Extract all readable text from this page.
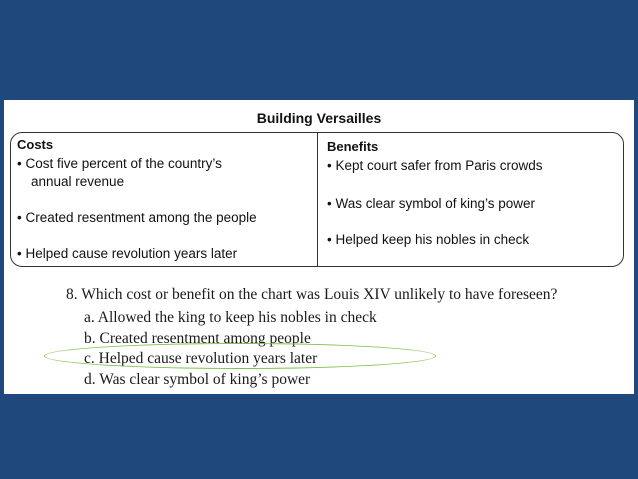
Building Versailles
Costs
• Cost five percent of the country’s
annual revenue
• Created resentment among the people
• Helped cause revolution years later
Benefits
• Kept court safer from Paris crowds
• Was clear symbol of king’s power
• Helped keep his nobles in check
8. Which cost or benefit on the chart was Louis XIV unlikely to have foreseen?
a. Allowed the king to keep his nobles in check
b. Created resentment among people
c. Helped cause revolution years later
d. Was clear symbol of king’s power
